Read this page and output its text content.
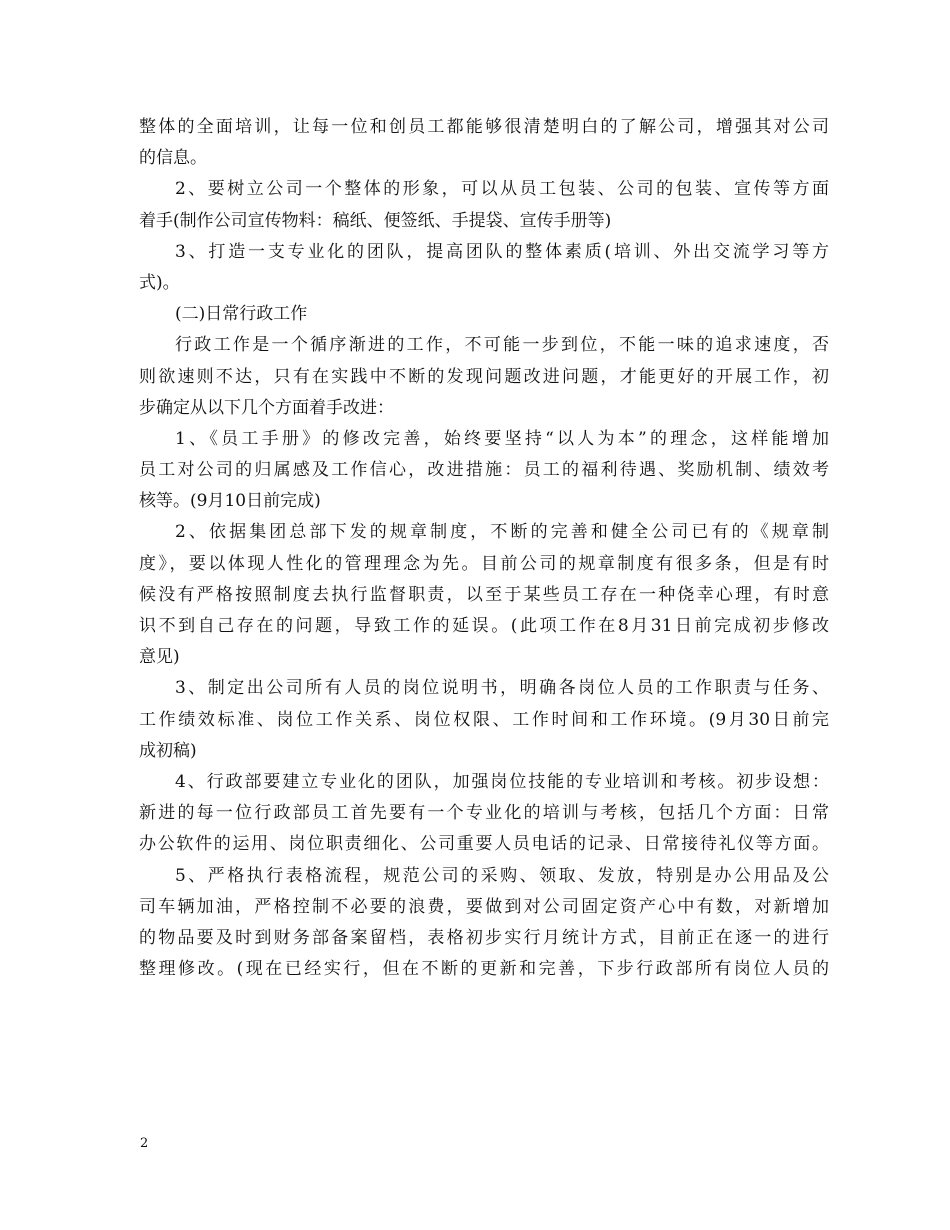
整体的全面培训，让每一位和创员工都能够很清楚明白的了解公司，增强其对公司
的信息。
2、要树立公司一个整体的形象，可以从员工包装、公司的包装、宣传等方面
着手(制作公司宣传物料：稿纸、便签纸、手提袋、宣传手册等)
3、打造一支专业化的团队，提高团队的整体素质(培训、外出交流学习等方
式)。
(二)日常行政工作
行政工作是一个循序渐进的工作，不可能一步到位，不能一味的追求速度，否
则欲速则不达，只有在实践中不断的发现问题改进问题，才能更好的开展工作，初
步确定从以下几个方面着手改进：
1、《员工手册》的修改完善，始终要坚持“以人为本”的理念，这样能增加
员工对公司的归属感及工作信心，改进措施：员工的福利待遇、奖励机制、绩效考
核等。(9月10日前完成)
2、依据集团总部下发的规章制度，不断的完善和健全公司已有的《规章制
度》，要以体现人性化的管理理念为先。目前公司的规章制度有很多条，但是有时
候没有严格按照制度去执行监督职责，以至于某些员工存在一种侥幸心理，有时意
识不到自己存在的问题，导致工作的延误。(此项工作在8月31日前完成初步修改
意见)
3、制定出公司所有人员的岗位说明书，明确各岗位人员的工作职责与任务、
工作绩效标准、岗位工作关系、岗位权限、工作时间和工作环境。(9月30日前完
成初稿)
4、行政部要建立专业化的团队，加强岗位技能的专业培训和考核。初步设想：
新进的每一位行政部员工首先要有一个专业化的培训与考核，包括几个方面：日常
办公软件的运用、岗位职责细化、公司重要人员电话的记录、日常接待礼仪等方面。
5、严格执行表格流程，规范公司的采购、领取、发放，特别是办公用品及公
司车辆加油，严格控制不必要的浪费，要做到对公司固定资产心中有数，对新增加
的物品要及时到财务部备案留档，表格初步实行月统计方式，目前正在逐一的进行
整理修改。(现在已经实行，但在不断的更新和完善，下步行政部所有岗位人员的
2
